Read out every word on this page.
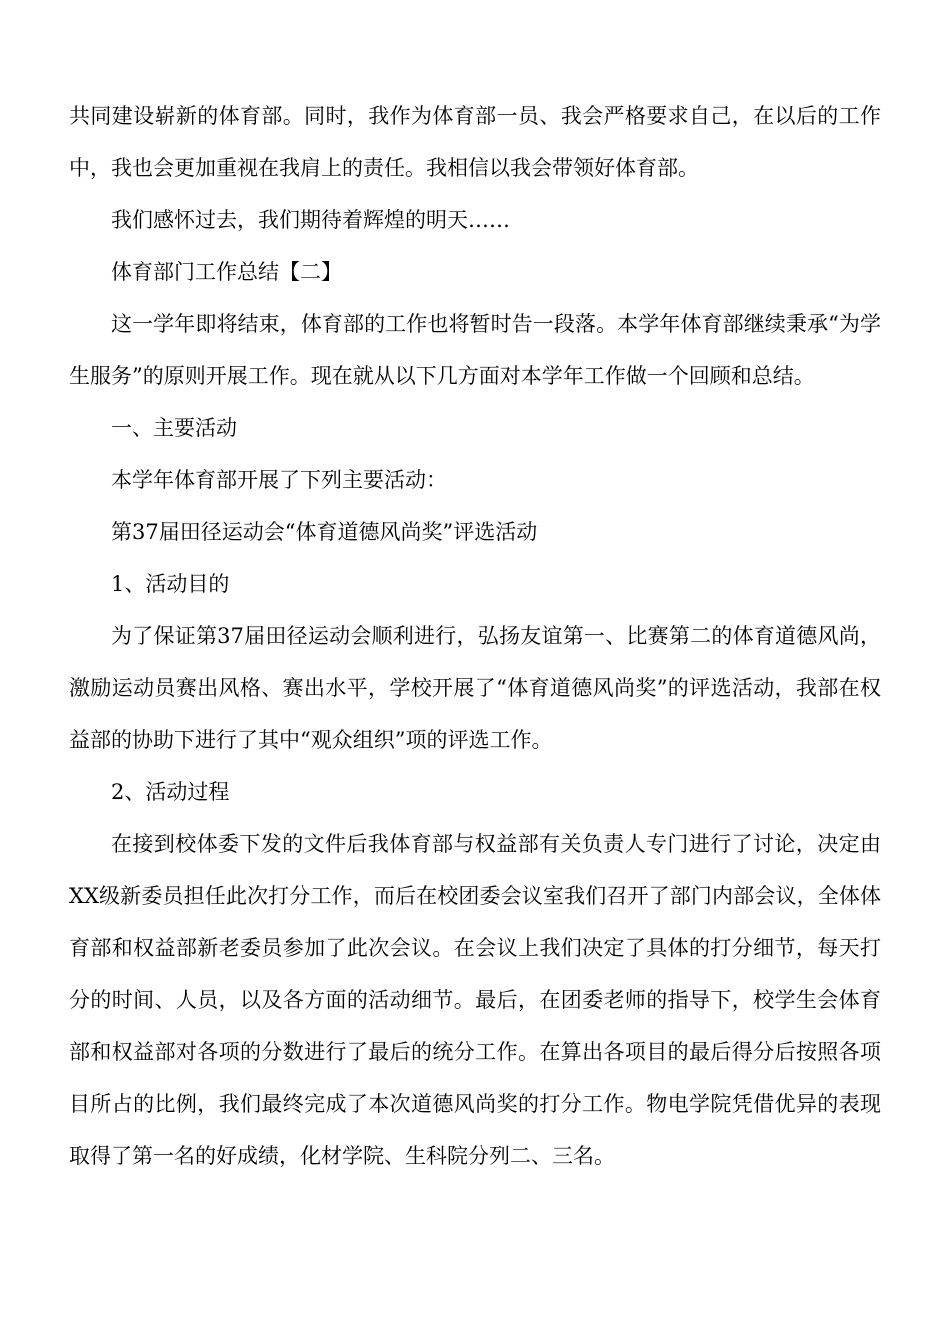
共同建设崭新的体育部。同时，我作为体育部一员、我会严格要求自己，在以后的工作中，我也会更加重视在我肩上的责任。我相信以我会带领好体育部。

我们感怀过去，我们期待着辉煌的明天……

体育部门工作总结【二】

这一学年即将结束，体育部的工作也将暂时告一段落。本学年体育部继续秉承“为学生服务”的原则开展工作。现在就从以下几方面对本学年工作做一个回顾和总结。

一、主要活动

本学年体育部开展了下列主要活动：

第37届田径运动会“体育道德风尚奖”评选活动

1、活动目的

为了保证第37届田径运动会顺利进行，弘扬友谊第一、比赛第二的体育道德风尚，激励运动员赛出风格、赛出水平，学校开展了“体育道德风尚奖”的评选活动，我部在权益部的协助下进行了其中“观众组织”项的评选工作。

2、活动过程

在接到校体委下发的文件后我体育部与权益部有关负责人专门进行了讨论，决定由XX级新委员担任此次打分工作，而后在校团委会议室我们召开了部门内部会议，全体体育部和权益部新老委员参加了此次会议。在会议上我们决定了具体的打分细节，每天打分的时间、人员，以及各方面的活动细节。最后，在团委老师的指导下，校学生会体育部和权益部对各项的分数进行了最后的统分工作。在算出各项目的最后得分后按照各项目所占的比例，我们最终完成了本次道德风尚奖的打分工作。物电学院凭借优异的表现取得了第一名的好成绩，化材学院、生科院分列二、三名。
